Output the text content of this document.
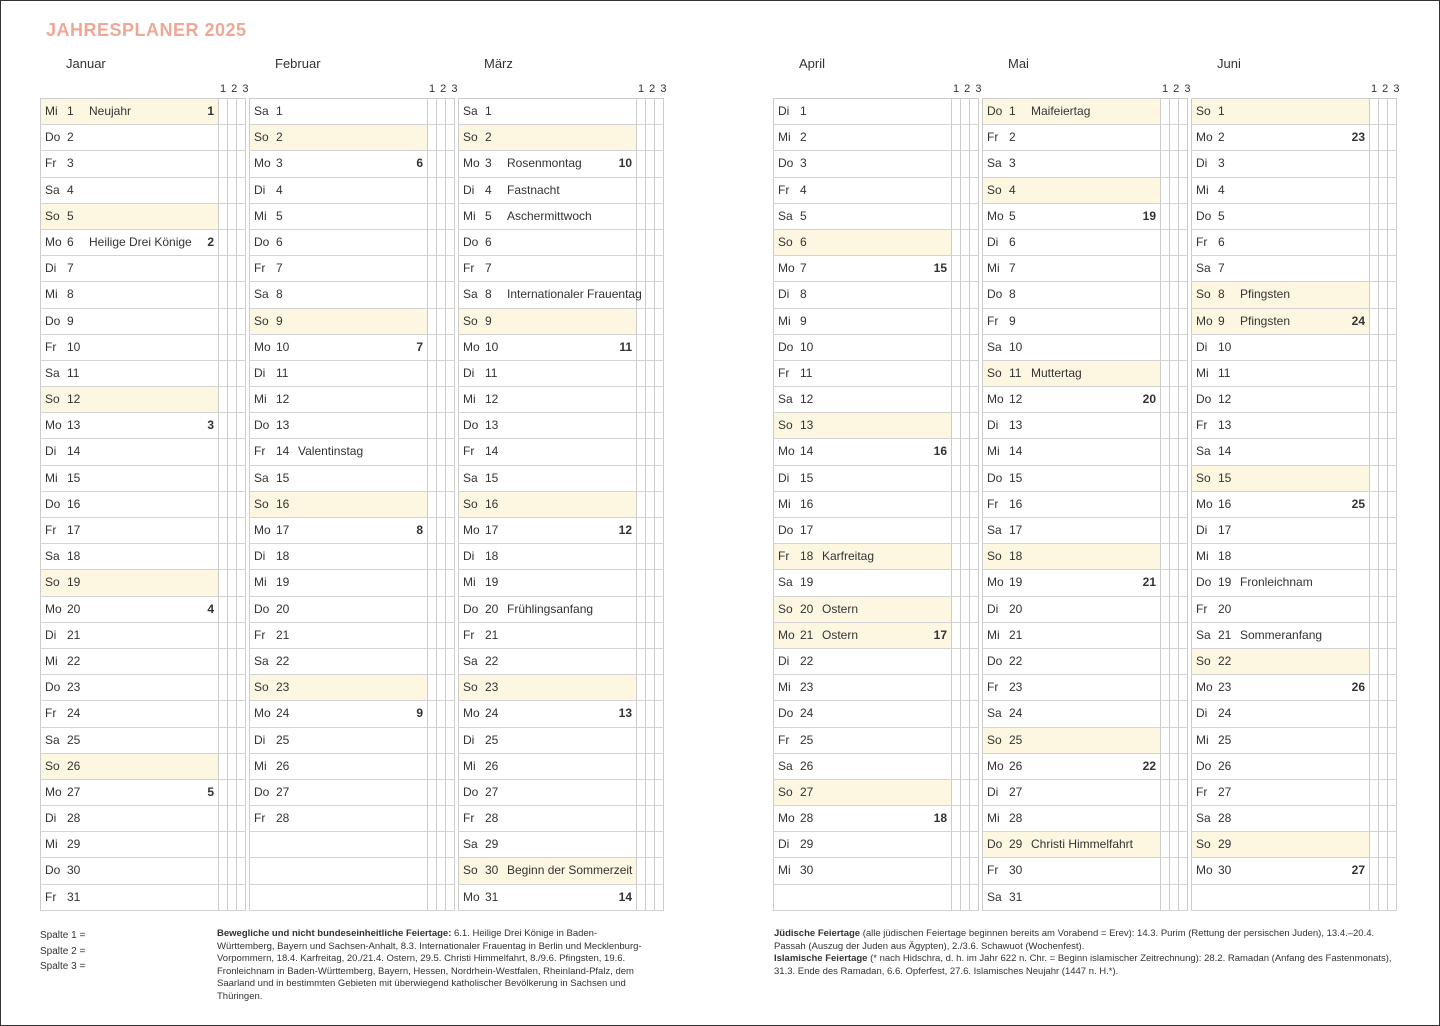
JAHRESPLANER 2025
Januar
1 2 3
Mi 1 Neujahr	1
Do 2
Fr 3
Sa 4
So 5
Mo 6 Heilige Drei Könige 2
Di 7
Mi 8
Do 9
Fr 10
Sa 11
So 12
Mo 13	3
Di 14
Mi 15
Do 16
Fr 17
Sa 18
So 19
Mo 20	4
Di 21
Mi 22
Do 23
Fr 24
Sa 25
So 26
Mo 27	5
Di 28
Mi 29
Do 30
Fr 31
Februar
1 2 3
Sa 1
So 2
Mo 3	6
Di 4
Mi 5
Do 6
Fr 7
Sa 8
So 9
Mo 10	7
Di 11
Mi 12
Do 13
Fr 14 Valentinstag
Sa 15
So 16
Mo 17	8
Di 18
Mi 19
Do 20
Fr 21
Sa 22
So 23
Mo 24	9
Di 25
Mi 26
Do 27
Fr 28
März
1 2 3
Sa 1
So 2
Mo 3 Rosenmontag	10
Di 4 Fastnacht
Mi 5 Aschermittwoch
Do 6
Fr 7
Sa 8 Internationaler Frauentag
So 9
Mo 10	11
Di 11
Mi 12
Do 13
Fr 14
Sa 15
So 16
Mo 17	12
Di 18
Mi 19
Do 20 Frühlingsanfang
Fr 21
Sa 22
So 23
Mo 24	13
Di 25
Mi 26
Do 27
Fr 28
Sa 29
So 30 Beginn der Sommerzeit
Mo 31	14
April
1 2 3
Di 1
Mi 2
Do 3
Fr 4
Sa 5
So 6
Mo 7	15
Di 8
Mi 9
Do 10
Fr 11
Sa 12
So 13
Mo 14	16
Di 15
Mi 16
Do 17
Fr 18 Karfreitag
Sa 19
So 20 Ostern
Mo 21 Ostern	17
Di 22
Mi 23
Do 24
Fr 25
Sa 26
So 27
Mo 28	18
Di 29
Mi 30
Mai
1 2 3
Do 1 Maifeiertag
Fr 2
Sa 3
So 4
Mo 5	19
Di 6
Mi 7
Do 8
Fr 9
Sa 10
So 11 Muttertag
Mo 12	20
Di 13
Mi 14
Do 15
Fr 16
Sa 17
So 18
Mo 19	21
Di 20
Mi 21
Do 22
Fr 23
Sa 24
So 25
Mo 26	22
Di 27
Mi 28
Do 29 Christi Himmelfahrt
Fr 30
Sa 31
Juni
1 2 3
So 1
Mo 2	23
Di 3
Mi 4
Do 5
Fr 6
Sa 7
So 8 Pfingsten
Mo 9 Pfingsten	24
Di 10
Mi 11
Do 12
Fr 13
Sa 14
So 15
Mo 16	25
Di 17
Mi 18
Do 19 Fronleichnam
Fr 20
Sa 21 Sommeranfang
So 22
Mo 23	26
Di 24
Mi 25
Do 26
Fr 27
Sa 28
So 29
Mo 30	27
Spalte 1 =
Spalte 2 =
Spalte 3 =
Bewegliche und nicht bundeseinheitliche Feiertage: 6.1. Heilige Drei Könige in Baden-Württemberg, Bayern und Sachsen-Anhalt, 8.3. Internationaler Frauentag in Berlin und Mecklenburg-Vorpommern, 18.4. Karfreitag, 20./21.4. Ostern, 29.5. Christi Himmelfahrt, 8./9.6. Pfingsten, 19.6. Fronleichnam in Baden-Württemberg, Bayern, Hessen, Nordrhein-Westfalen, Rheinland-Pfalz, dem Saarland und in bestimmten Gebieten mit überwiegend katholischer Bevölkerung in Sachsen und Thüringen.
Jüdische Feiertage (alle jüdischen Feiertage beginnen bereits am Vorabend = Erev): 14.3. Purim (Rettung der persischen Juden), 13.4.–20.4. Passah (Auszug der Juden aus Ägypten), 2./3.6. Schawuot (Wochenfest).
Islamische Feiertage (* nach Hidschra, d. h. im Jahr 622 n. Chr. = Beginn islamischer Zeitrechnung): 28.2. Ramadan (Anfang des Fastenmonats), 31.3. Ende des Ramadan, 6.6. Opferfest, 27.6. Islamisches Neujahr (1447 n. H.*).
